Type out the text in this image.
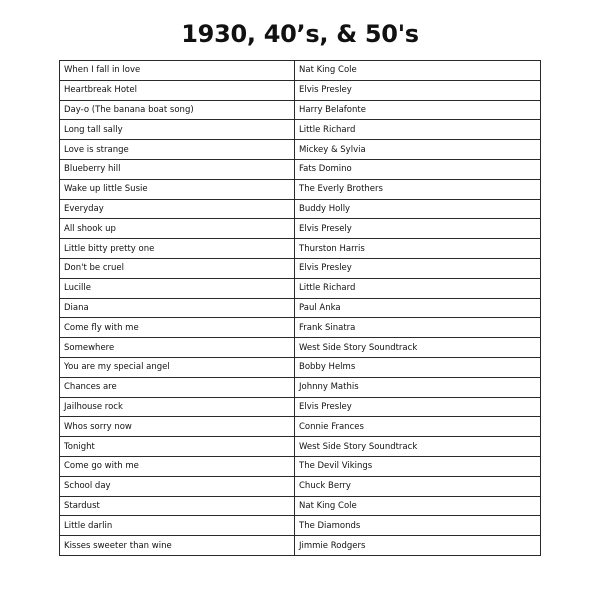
1930, 40’s, & 50's
When I fall in love	Nat King Cole
Heartbreak Hotel	Elvis Presley
Day-o (The banana boat song)	Harry Belafonte
Long tall sally	Little Richard
Love is strange	Mickey & Sylvia
Blueberry hill	Fats Domino
Wake up little Susie	The Everly Brothers
Everyday	Buddy Holly
All shook up	Elvis Presely
Little bitty pretty one	Thurston Harris
Don't be cruel	Elvis Presley
Lucille	Little Richard
Diana	Paul Anka
Come fly with me	Frank Sinatra
Somewhere	West Side Story Soundtrack
You are my special angel	Bobby Helms
Chances are	Johnny Mathis
Jailhouse rock	Elvis Presley
Whos sorry now	Connie Frances
Tonight	West Side Story Soundtrack
Come go with me	The Devil Vikings
School day	Chuck Berry
Stardust	Nat King Cole
Little darlin	The Diamonds
Kisses sweeter than wine	Jimmie Rodgers
